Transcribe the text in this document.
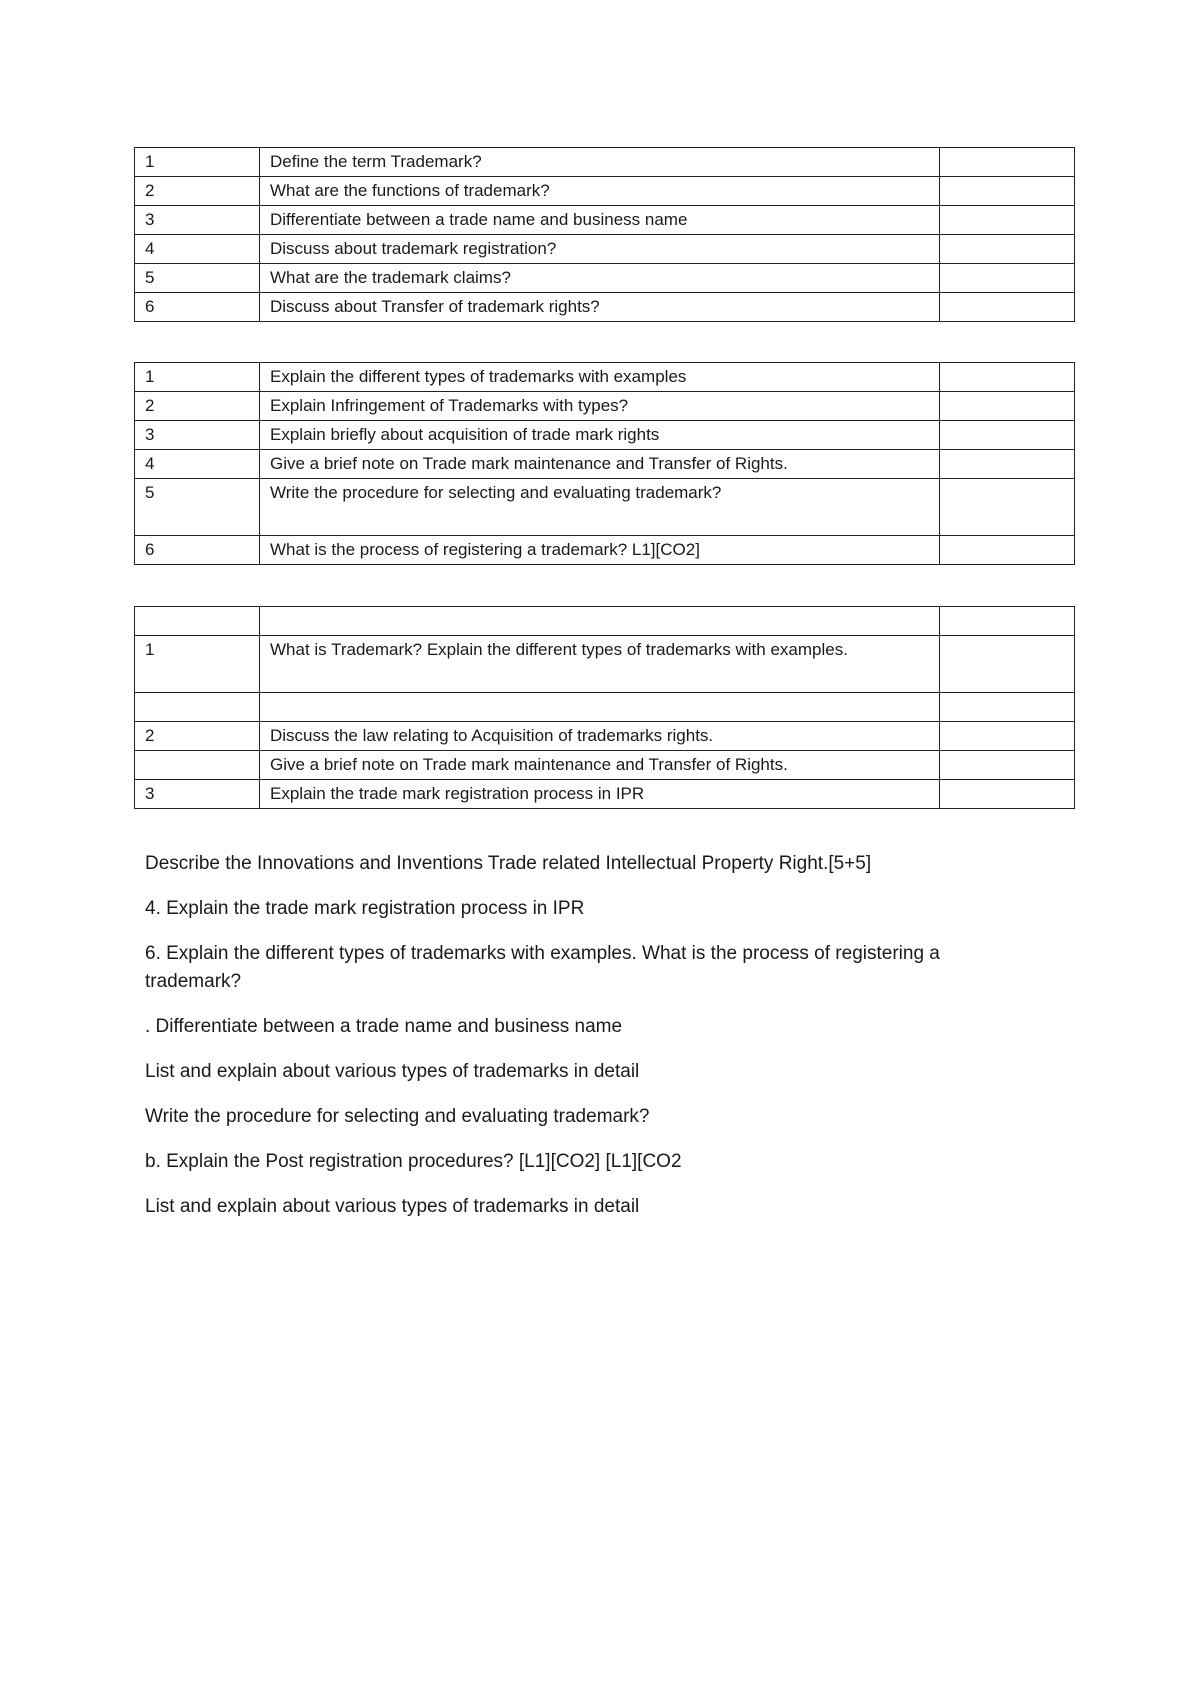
1	Define the term Trademark?	
2	What are the functions of trademark?	
3	Differentiate between a trade name and business name	
4	Discuss about trademark registration?	
5	What are the trademark claims?	
6	Discuss about Transfer of trademark rights?	
1	Explain the different types of trademarks with examples	
2	Explain Infringement of Trademarks with types?	
3	Explain briefly about acquisition of trade mark rights	
4	Give a brief note on Trade mark maintenance and Transfer of Rights.	
5	Write the procedure for selecting and evaluating trademark?	
6	What is the process of registering a trademark? L1][CO2]	

1	What is Trademark? Explain the different types of trademarks with examples.	

2	Discuss the law relating to Acquisition of trademarks rights.	
	Give a brief note on Trade mark maintenance and Transfer of Rights.	
3	Explain the trade mark registration process in IPR	

Describe the Innovations and Inventions Trade related Intellectual Property Right.[5+5]

4. Explain the trade mark registration process in IPR

6. Explain the different types of trademarks with examples. What is the process of registering a trademark?

. Differentiate between a trade name and business name

List and explain about various types of trademarks in detail

Write the procedure for selecting and evaluating trademark?

b. Explain the Post registration procedures? [L1][CO2] [L1][CO2

List and explain about various types of trademarks in detail
